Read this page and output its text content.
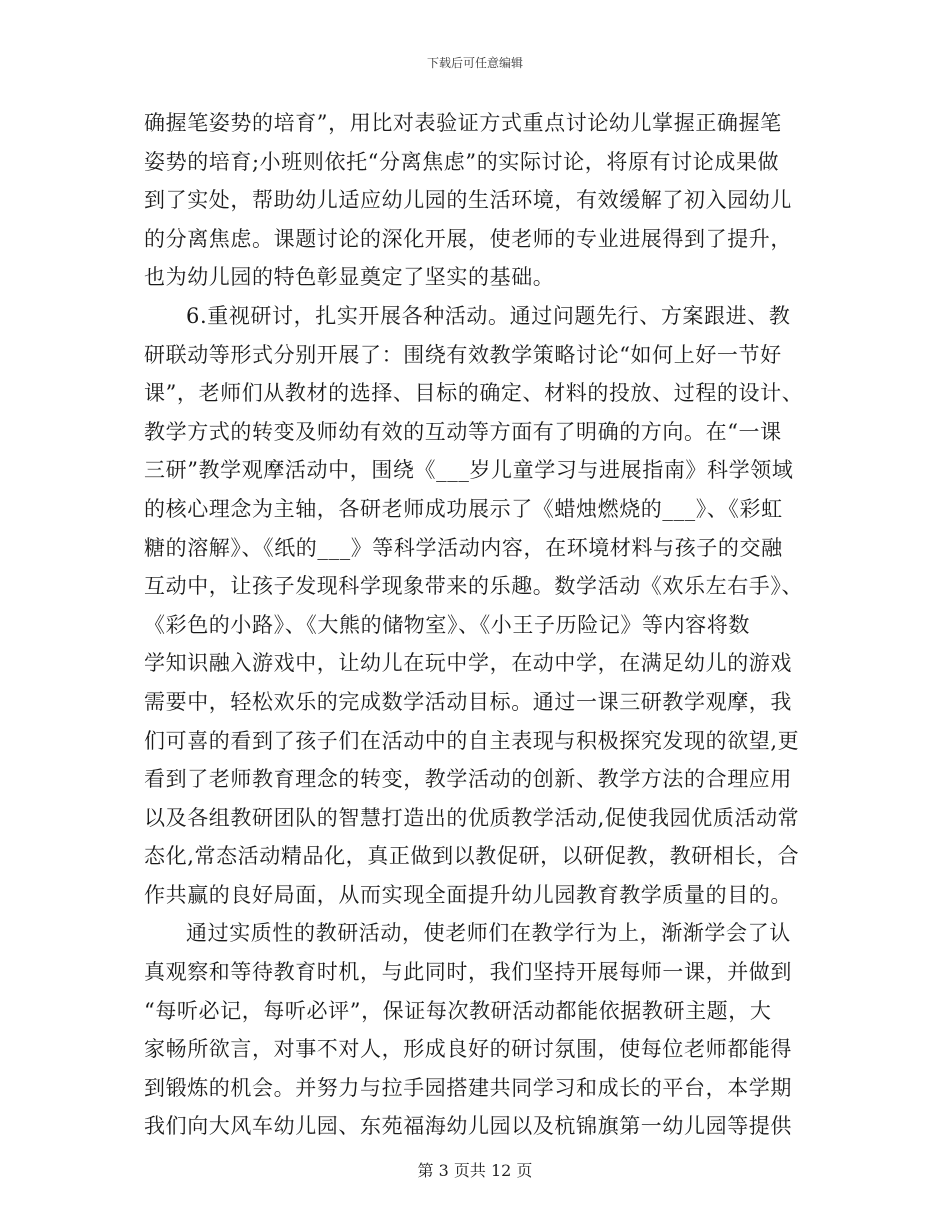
下载后可任意编辑
确握笔姿势的培育”，用比对表验证方式重点讨论幼儿掌握正确握笔
姿势的培育;小班则依托“分离焦虑”的实际讨论，将原有讨论成果做
到了实处，帮助幼儿适应幼儿园的生活环境，有效缓解了初入园幼儿
的分离焦虑。课题讨论的深化开展，使老师的专业进展得到了提升，
也为幼儿园的特色彰显奠定了坚实的基础。
6.重视研讨，扎实开展各种活动。通过问题先行、方案跟进、教
研联动等形式分别开展了：围绕有效教学策略讨论“如何上好一节好
课”，老师们从教材的选择、目标的确定、材料的投放、过程的设计、
教学方式的转变及师幼有效的互动等方面有了明确的方向。在“一课
三研”教学观摩活动中，围绕《___岁儿童学习与进展指南》科学领域
的核心理念为主轴，各研老师成功展示了《蜡烛燃烧的___》、《彩虹
糖的溶解》、《纸的___》等科学活动内容，在环境材料与孩子的交融
互动中，让孩子发现科学现象带来的乐趣。数学活动《欢乐左右手》、
《彩色的小路》、《大熊的储物室》、《小王子历险记》等内容将数
学知识融入游戏中，让幼儿在玩中学，在动中学，在满足幼儿的游戏
需要中，轻松欢乐的完成数学活动目标。通过一课三研教学观摩，我
们可喜的看到了孩子们在活动中的自主表现与积极探究发现的欲望,更
看到了老师教育理念的转变，教学活动的创新、教学方法的合理应用
以及各组教研团队的智慧打造出的优质教学活动,促使我园优质活动常
态化,常态活动精品化，真正做到以教促研，以研促教，教研相长，合
作共赢的良好局面，从而实现全面提升幼儿园教育教学质量的目的。
通过实质性的教研活动，使老师们在教学行为上，渐渐学会了认
真观察和等待教育时机，与此同时，我们坚持开展每师一课，并做到
“每听必记，每听必评”，保证每次教研活动都能依据教研主题，大
家畅所欲言，对事不对人，形成良好的研讨氛围，使每位老师都能得
到锻炼的机会。并努力与拉手园搭建共同学习和成长的平台，本学期
我们向大风车幼儿园、东苑福海幼儿园以及杭锦旗第一幼儿园等提供
第 3 页共 12 页
